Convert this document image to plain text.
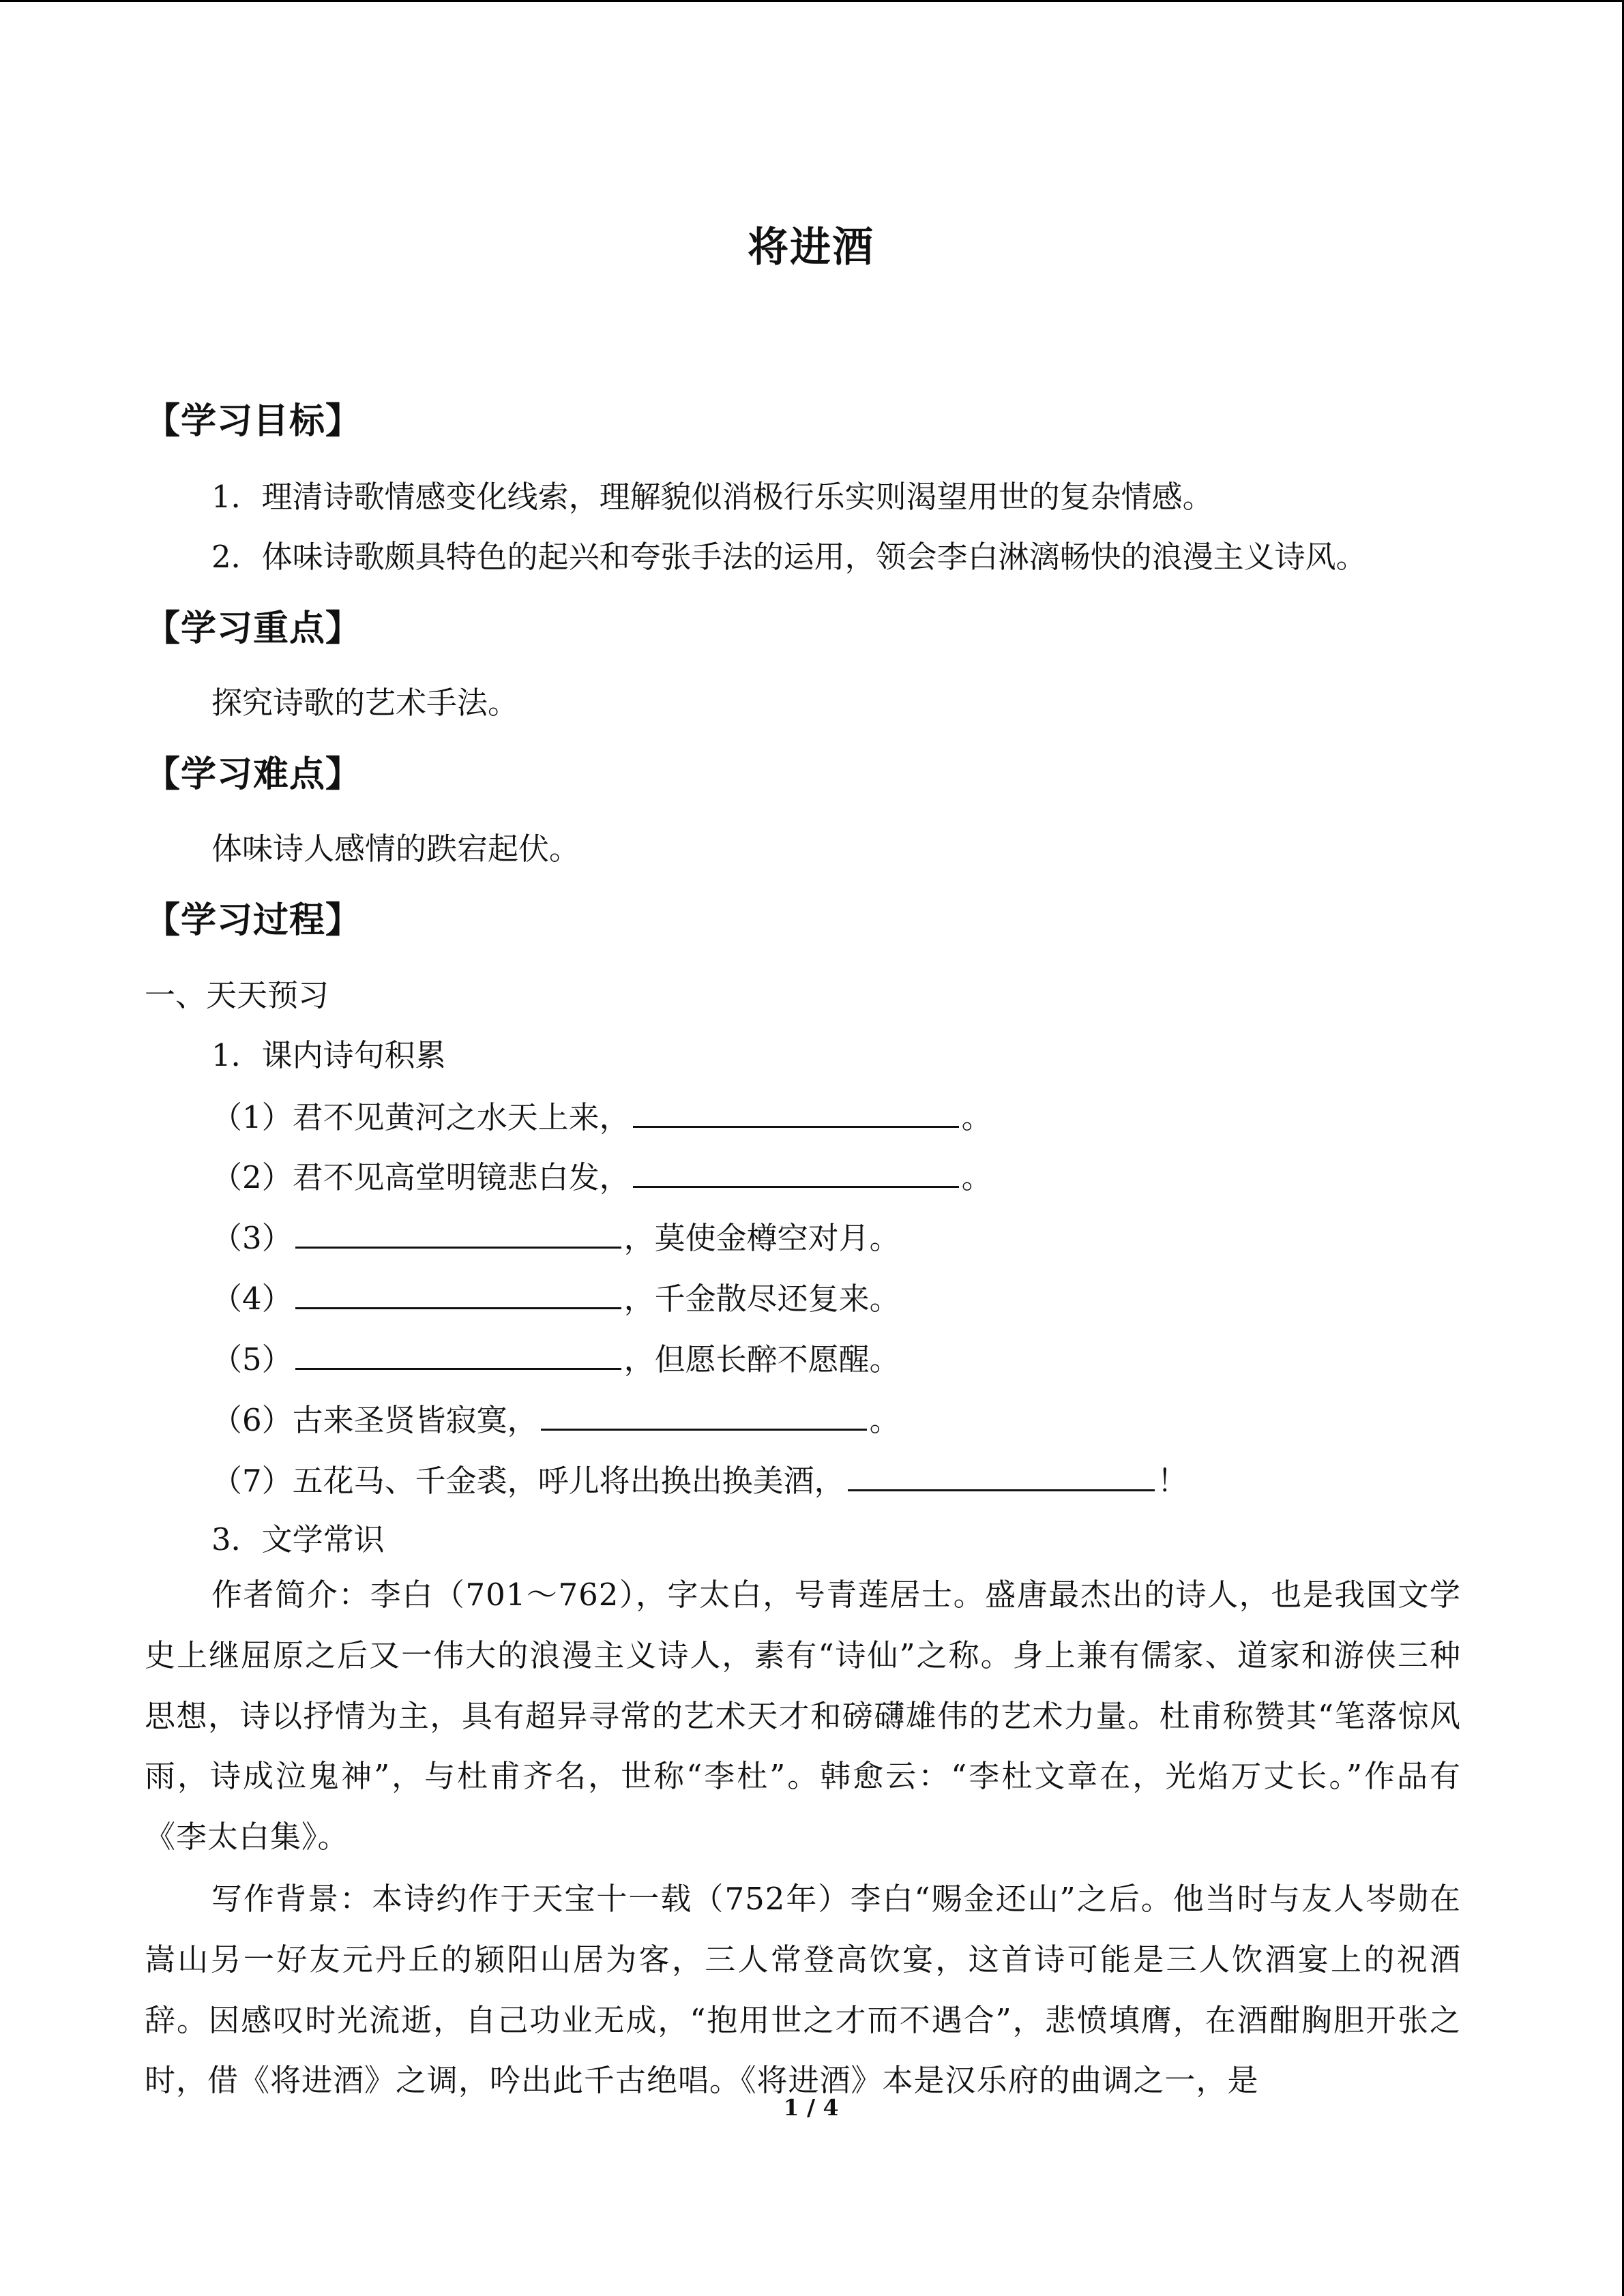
将进酒
【学习目标】
1．理清诗歌情感变化线索，理解貌似消极行乐实则渴望用世的复杂情感。
2．体味诗歌颇具特色的起兴和夸张手法的运用，领会李白淋漓畅快的浪漫主义诗风。
【学习重点】
探究诗歌的艺术手法。
【学习难点】
体味诗人感情的跌宕起伏。
【学习过程】
一、天天预习
1．课内诗句积累
（1）君不见黄河之水天上来，	。
（2）君不见高堂明镜悲白发，	。
（3）	，莫使金樽空对月。
（4）	，千金散尽还复来。
（5）	，但愿长醉不愿醒。
（6）古来圣贤皆寂寞，	。
（7）五花马、千金裘，呼儿将出换出换美酒，	！
3．文学常识
作者简介：李白（701～762），字太白，号青莲居士。盛唐最杰出的诗人，也是我国文学史上继屈原之后又一伟大的浪漫主义诗人，素有“诗仙”之称。身上兼有儒家、道家和游侠三种思想，诗以抒情为主，具有超异寻常的艺术天才和磅礴雄伟的艺术力量。杜甫称赞其“笔落惊风雨，诗成泣鬼神”，与杜甫齐名，世称“李杜”。韩愈云：“李杜文章在，光焰万丈长。”作品有《李太白集》。
写作背景：本诗约作于天宝十一载（752年）李白“赐金还山”之后。他当时与友人岑勋在嵩山另一好友元丹丘的颍阳山居为客，三人常登高饮宴，这首诗可能是三人饮酒宴上的祝酒辞。因感叹时光流逝，自己功业无成，“抱用世之才而不遇合”，悲愤填膺，在酒酣胸胆开张之时，借《将进酒》之调，吟出此千古绝唱。《将进酒》本是汉乐府的曲调之一，是
1 / 4
